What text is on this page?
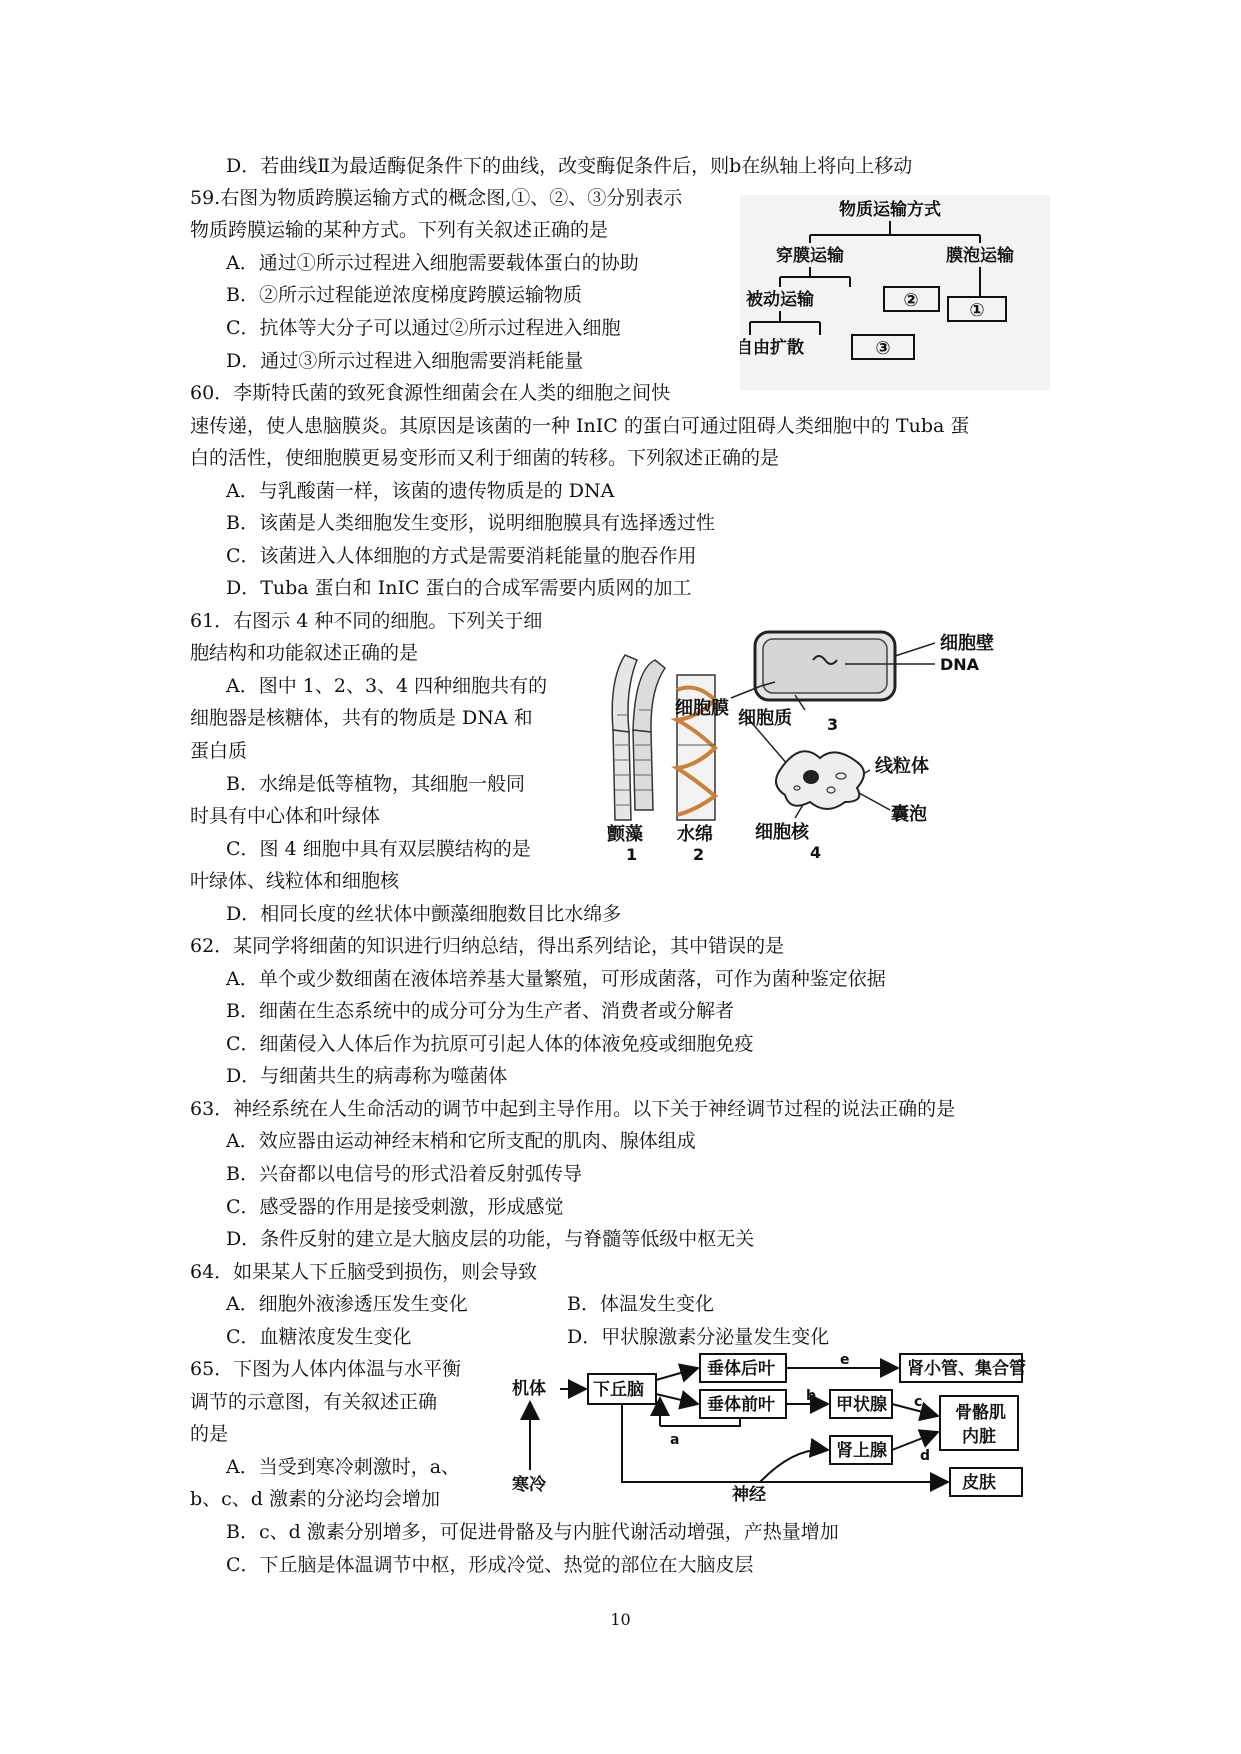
D．若曲线Ⅱ为最适酶促条件下的曲线，改变酶促条件后，则b在纵轴上将向上移动
59.右图为物质跨膜运输方式的概念图,①、②、③分别表示
物质跨膜运输的某种方式。下列有关叙述正确的是
A．通过①所示过程进入细胞需要载体蛋白的协助
B．②所示过程能逆浓度梯度跨膜运输物质
C．抗体等大分子可以通过②所示过程进入细胞
D．通过③所示过程进入细胞需要消耗能量
物质运输方式
穿膜运输	膜泡运输
被动运输	②	①
自由扩散	③
60．李斯特氏菌的致死食源性细菌会在人类的细胞之间快
速传递，使人患脑膜炎。其原因是该菌的一种 InIC 的蛋白可通过阻碍人类细胞中的 Tuba 蛋
白的活性，使细胞膜更易变形而又利于细菌的转移。下列叙述正确的是
A．与乳酸菌一样，该菌的遗传物质是的 DNA
B．该菌是人类细胞发生变形，说明细胞膜具有选择透过性
C．该菌进入人体细胞的方式是需要消耗能量的胞吞作用
D．Tuba 蛋白和 InIC 蛋白的合成军需要内质网的加工
61．右图示 4 种不同的细胞。下列关于细
胞结构和功能叙述正确的是
A．图中 1、2、3、4 四种细胞共有的
细胞器是核糖体，共有的物质是 DNA 和
蛋白质
B．水绵是低等植物，其细胞一般同
时具有中心体和叶绿体
C．图 4 细胞中具有双层膜结构的是
叶绿体、线粒体和细胞核
D．相同长度的丝状体中颤藻细胞数目比水绵多
细胞壁
DNA
细胞膜 细胞质 3
线粒体
囊泡
细胞核
4
颤藻
1
水绵
2
62．某同学将细菌的知识进行归纳总结，得出系列结论，其中错误的是
A．单个或少数细菌在液体培养基大量繁殖，可形成菌落，可作为菌种鉴定依据
B．细菌在生态系统中的成分可分为生产者、消费者或分解者
C．细菌侵入人体后作为抗原可引起人体的体液免疫或细胞免疫
D．与细菌共生的病毒称为噬菌体
63．神经系统在人生命活动的调节中起到主导作用。以下关于神经调节过程的说法正确的是
A．效应器由运动神经末梢和它所支配的肌肉、腺体组成
B．兴奋都以电信号的形式沿着反射弧传导
C．感受器的作用是接受刺激，形成感觉
D．条件反射的建立是大脑皮层的功能，与脊髓等低级中枢无关
64．如果某人下丘脑受到损伤，则会导致
A．细胞外液渗透压发生变化	B．体温发生变化
C．血糖浓度发生变化	D．甲状腺激素分泌量发生变化
65．下图为人体内体温与水平衡
调节的示意图，有关叙述正确
的是
A．当受到寒冷刺激时，a、
b、c、d 激素的分泌均会增加
B．c、d 激素分别增多，可促进骨骼及与内脏代谢活动增强，产热量增加
C．下丘脑是体温调节中枢，形成冷觉、热觉的部位在大脑皮层
机体	下丘脑
垂体后叶
垂体前叶
肾小管、集合管
甲状腺	骨骼肌
内脏
肾上腺
神经
寒冷	皮肤
a
b	c
d
e
10
